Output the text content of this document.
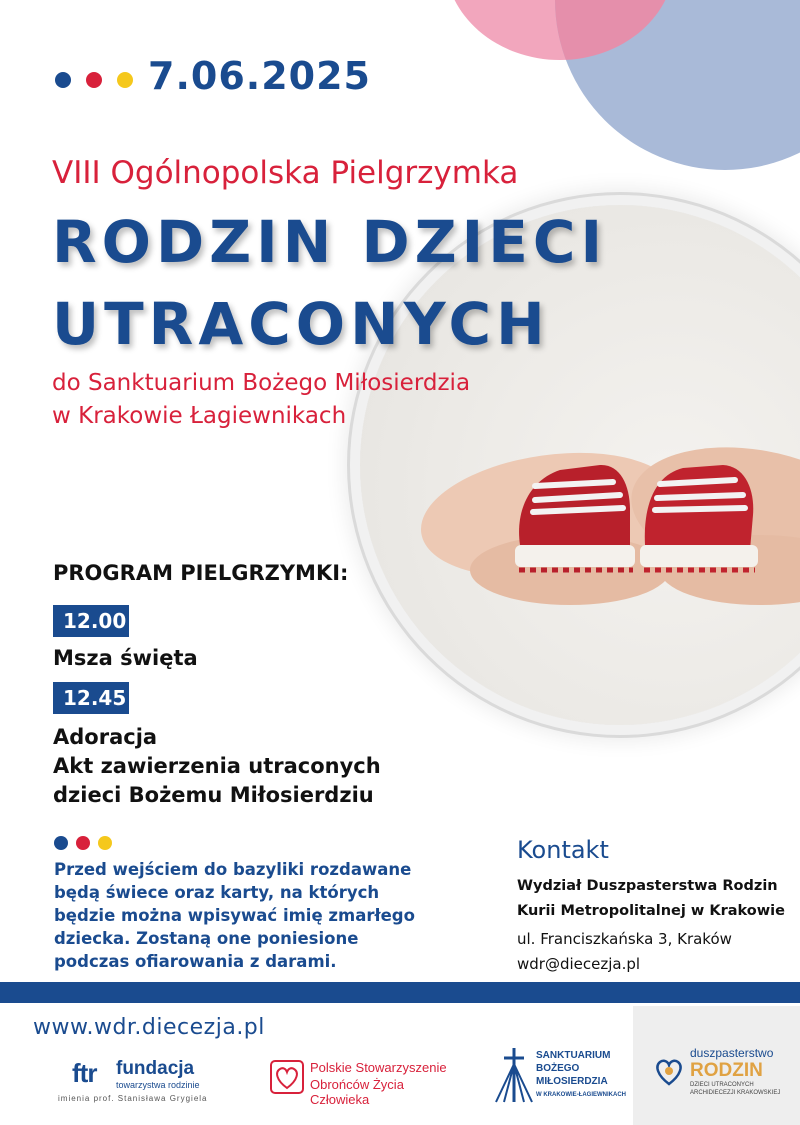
7.06.2025
VIII Ogólnopolska Pielgrzymka
RODZIN DZIECI
UTRACONYCH
do Sanktuarium Bożego Miłosierdzia
w Krakowie Łagiewnikach
PROGRAM PIELGRZYMKI:
12.00
Msza święta
12.45
Adoracja
Akt zawierzenia utraconych
dzieci Bożemu Miłosierdziu
Przed wejściem do bazyliki rozdawane będą świece oraz karty, na których będzie można wpisywać imię zmarłego dziecka. Zostaną one poniesione podczas ofiarowania z darami.
Kontakt
Wydział Duszpasterstwa Rodzin
Kurii Metropolitalnej w Krakowie
ul. Franciszkańska 3, Kraków
wdr@diecezja.pl
www.wdr.diecezja.pl
ftr fundacja
towarzystwa rodzinie
imienia prof. Stanisława Grygiela
Polskie Stowarzyszenie
Obrońców Życia Człowieka
SANKTUARIUM
BOŻEGO
MIŁOSIERDZIA
W KRAKOWIE-ŁAGIEWNIKACH
duszpasterstwo
RODZIN
DZIECI UTRACONYCH
ARCHIDIECEZJI KRAKOWSKIEJ
